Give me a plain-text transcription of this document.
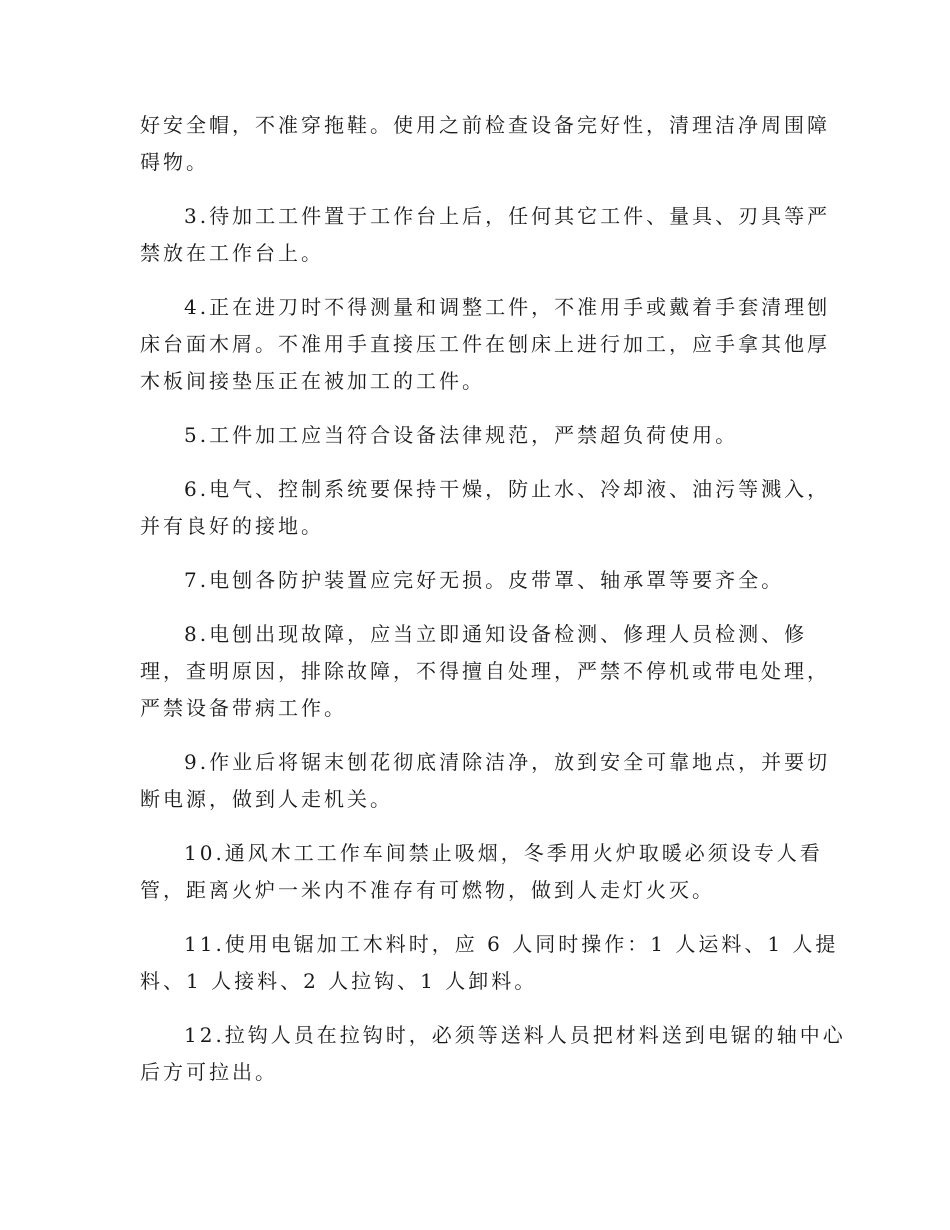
好安全帽，不准穿拖鞋。使用之前检查设备完好性，清理洁净周围障
碍物。

3.待加工工件置于工作台上后，任何其它工件、量具、刃具等严
禁放在工作台上。

4.正在进刀时不得测量和调整工件，不准用手或戴着手套清理刨
床台面木屑。不准用手直接压工件在刨床上进行加工，应手拿其他厚
木板间接垫压正在被加工的工件。

5.工件加工应当符合设备法律规范，严禁超负荷使用。

6.电气、控制系统要保持干燥，防止水、冷却液、油污等溅入，
并有良好的接地。

7.电刨各防护装置应完好无损。皮带罩、轴承罩等要齐全。

8.电刨出现故障，应当立即通知设备检测、修理人员检测、修
理，查明原因，排除故障，不得擅自处理，严禁不停机或带电处理，
严禁设备带病工作。

9.作业后将锯末刨花彻底清除洁净，放到安全可靠地点，并要切
断电源，做到人走机关。

10.通风木工工作车间禁止吸烟，冬季用火炉取暖必须设专人看
管，距离火炉一米内不准存有可燃物，做到人走灯火灭。

11.使用电锯加工木料时，应 6 人同时操作：1 人运料、1 人提
料、1 人接料、2 人拉钩、1 人卸料。

12.拉钩人员在拉钩时，必须等送料人员把材料送到电锯的轴中心
后方可拉出。
